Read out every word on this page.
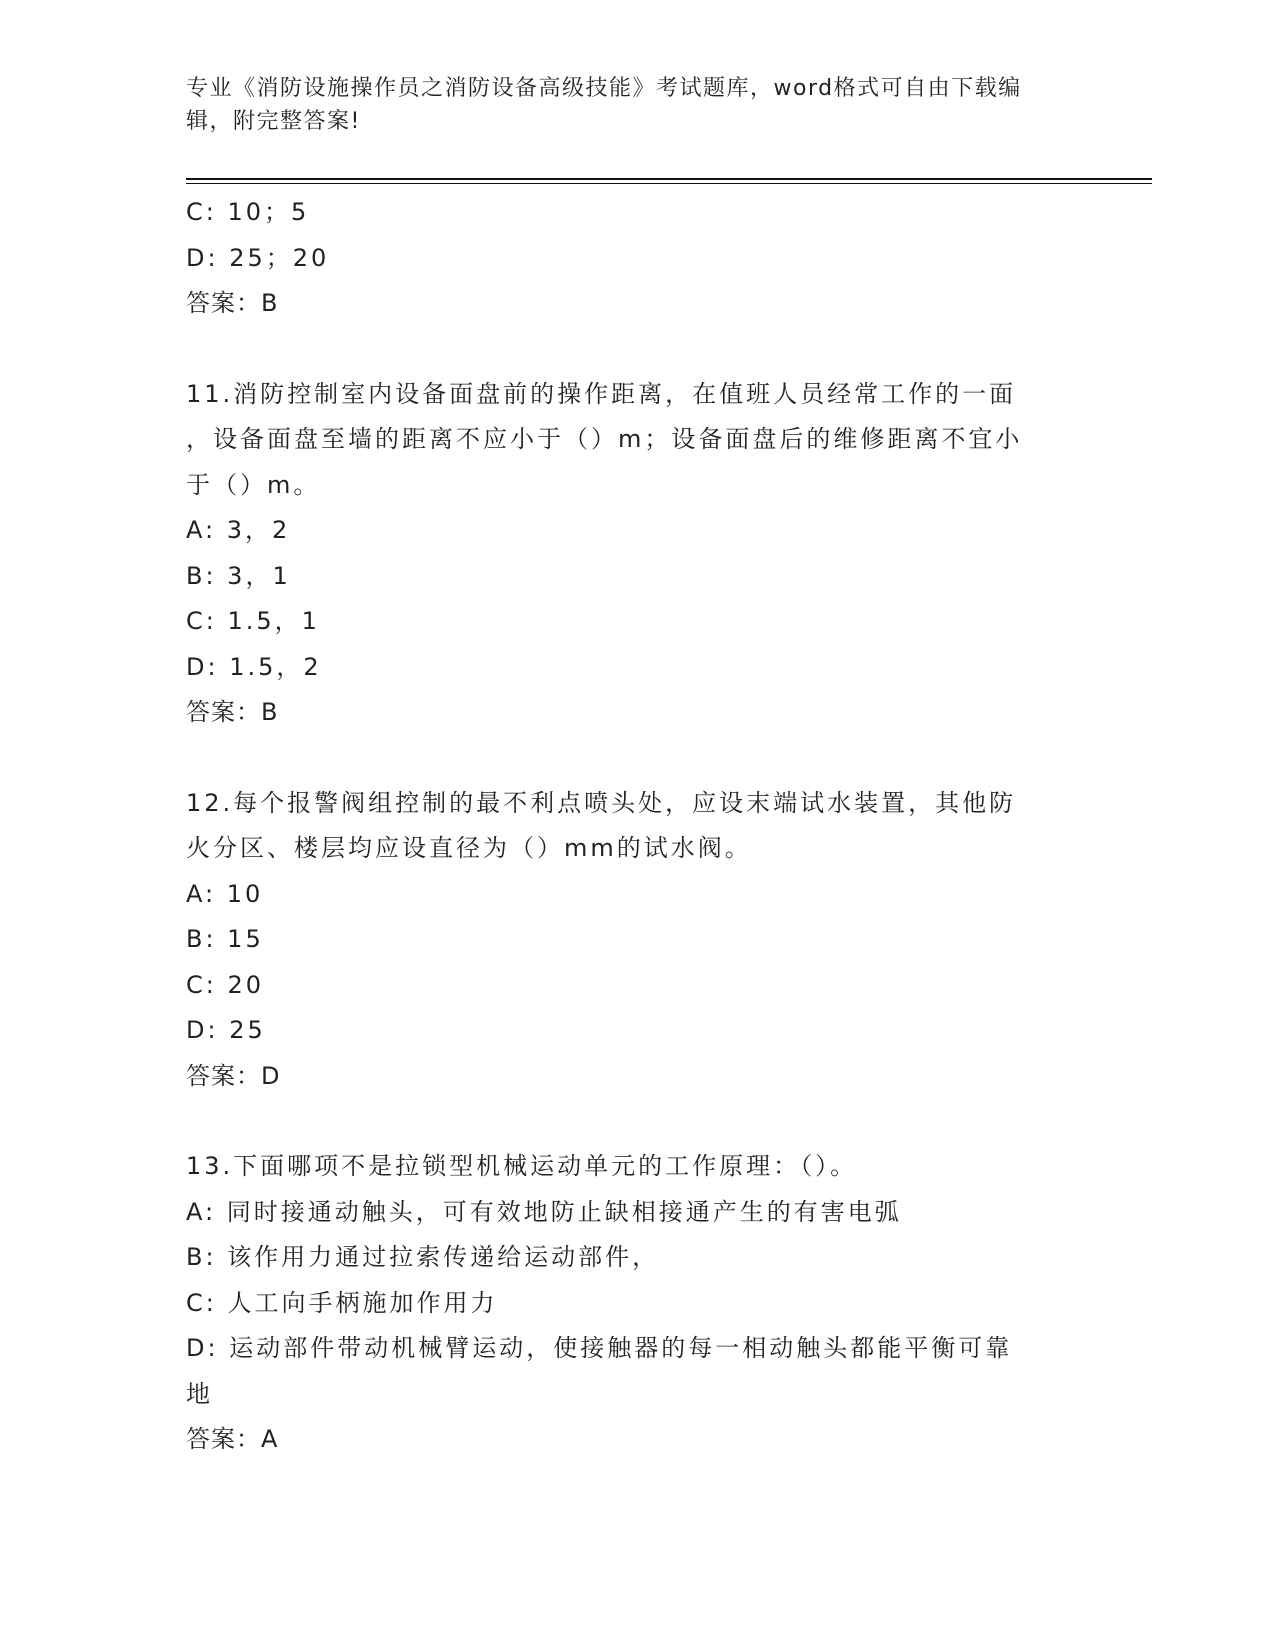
专业《消防设施操作员之消防设备高级技能》考试题库，word格式可自由下载编
辑，附完整答案!
C: 10；5
D: 25；20
答案：B
11.消防控制室内设备面盘前的操作距离，在值班人员经常工作的一面
，设备面盘至墙的距离不应小于（）m；设备面盘后的维修距离不宜小
于（）m。
A: 3，2
B: 3，1
C: 1.5，1
D: 1.5，2
答案：B
12.每个报警阀组控制的最不利点喷头处，应设末端试水装置，其他防
火分区、楼层均应设直径为（）mm的试水阀。
A: 10
B: 15
C: 20
D: 25
答案：D
13.下面哪项不是拉锁型机械运动单元的工作原理：（）。
A: 同时接通动触头，可有效地防止缺相接通产生的有害电弧
B: 该作用力通过拉索传递给运动部件，
C: 人工向手柄施加作用力
D: 运动部件带动机械臂运动，使接触器的每一相动触头都能平衡可靠
地
答案：A
